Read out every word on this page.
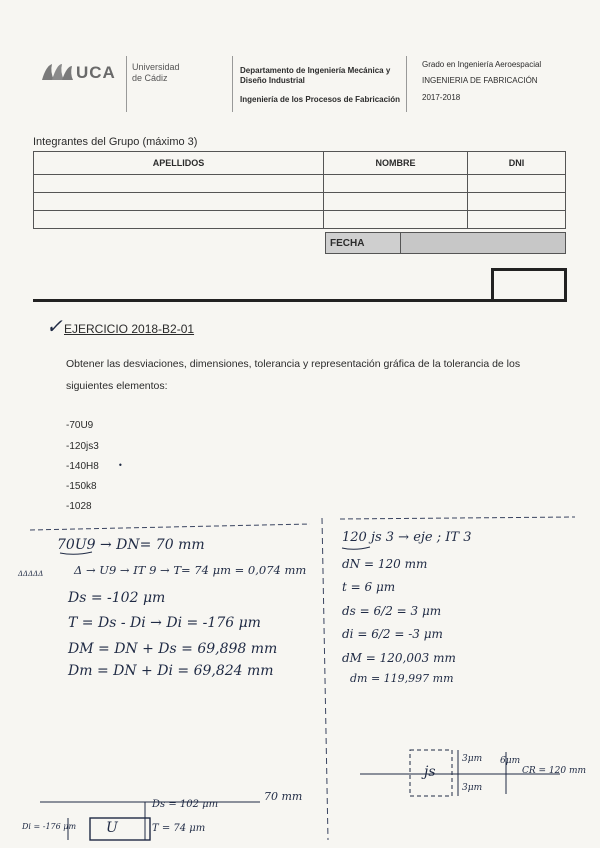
UCA Universidad
de Cádiz
Departamento de Ingeniería Mecánica y
Diseño Industrial
Ingeniería de los Procesos de Fabricación
Grado en Ingeniería Aeroespacial
INGENIERIA DE FABRICACIÓN
2017-2018
Integrantes del Grupo (máximo 3)
APELLIDOS	NOMBRE	DNI

FECHA
✓ EJERCICIO 2018-B2-01
Obtener las desviaciones, dimensiones, tolerancia y representación gráfica de la tolerancia de los
siguientes elementos:
-70U9
-120js3
-140H8 •
-150k8
-1028
70U9 → DN= 70 mm
ΔΔΔΔΔ	Δ → U9 → IT 9 → T= 74 μm = 0,074 mm
Ds = -102 μm
T = Ds - Di → Di = -176 μm
DM = DN + Ds = 69,898 mm
Dm = DN + Di = 69,824 mm
120 js 3 → eje ; IT 3
dN = 120 mm
t = 6 μm
ds = 6/2 = 3 μm
di = 6/2 = -3 μm
dM = 120,003 mm
dm = 119,997 mm
js
3μm
3μm
6μm
CR = 120 mm
U
Di = -176 μm
Ds = 102 μm
T = 74 μm
70 mm
